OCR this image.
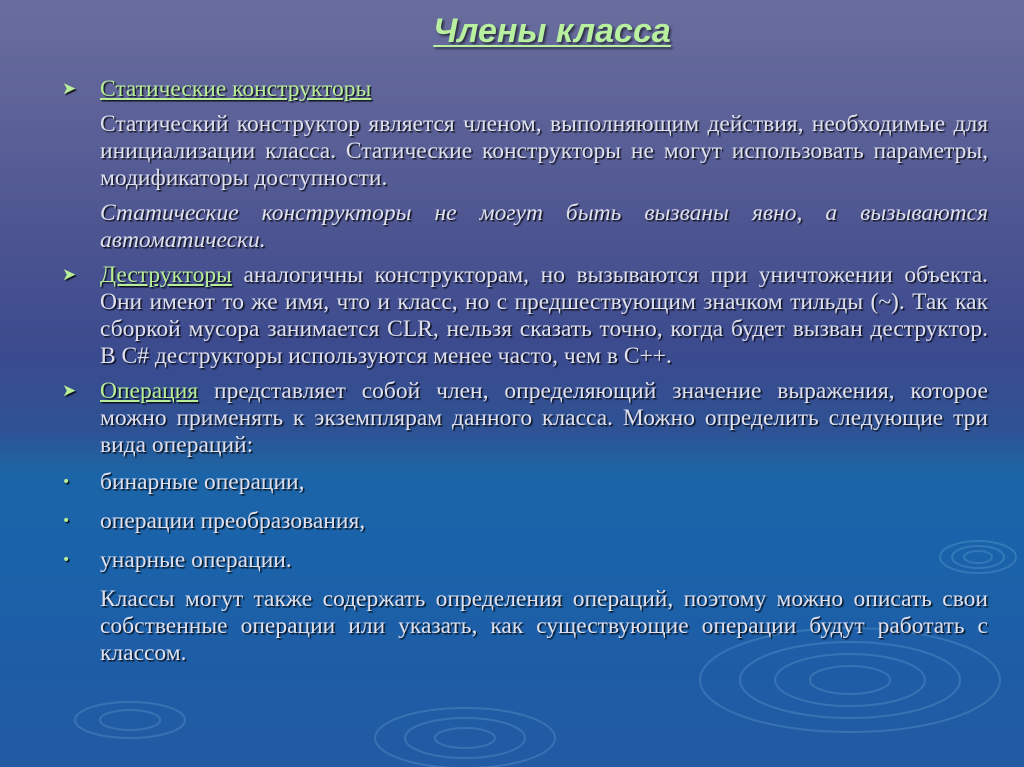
Члены класса
➤ Статические конструкторы
Статический конструктор является членом, выполняющим действия, необходимые для инициализации класса. Статические конструкторы не могут использовать параметры, модификаторы доступности.
Статические конструкторы не могут быть вызваны явно, а вызываются автоматически.
➤ Деструкторы аналогичны конструкторам, но вызываются при уничтожении объекта. Они имеют то же имя, что и класс, но с предшествующим значком тильды (~). Так как сборкой мусора занимается CLR, нельзя сказать точно, когда будет вызван деструктор. В C# деструкторы используются менее часто, чем в C++.
➤ Операция представляет собой член, определяющий значение выражения, которое можно применять к экземплярам данного класса. Можно определить следующие три вида операций:
• бинарные операции,
• операции преобразования,
• унарные операции.
Классы могут также содержать определения операций, поэтому можно описать свои собственные операции или указать, как существующие операции будут работать с классом.
